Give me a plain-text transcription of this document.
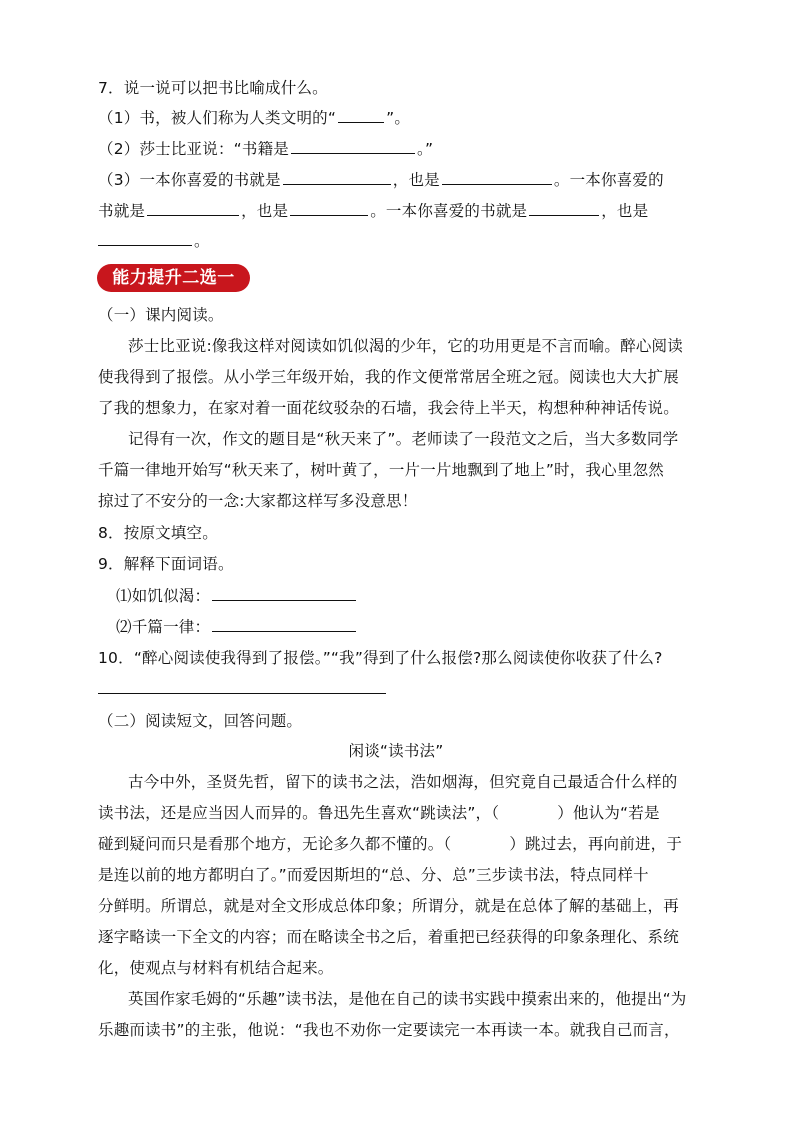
7．说一说可以把书比喻成什么。
（1）书，被人们称为人类文明的“	”。
（2）莎士比亚说：“书籍是	。”
（3）一本你喜爱的书就是	，也是	。一本你喜爱的
书就是	，也是	。一本你喜爱的书就是	，也是
。
能力提升二选一
（一）课内阅读。
莎士比亚说:像我这样对阅读如饥似渴的少年，它的功用更是不言而喻。醉心阅读
使我得到了报偿。从小学三年级开始，我的作文便常常居全班之冠。阅读也大大扩展
了我的想象力，在家对着一面花纹驳杂的石墙，我会待上半天，构想种种神话传说。
记得有一次，作文的题目是“秋天来了”。老师读了一段范文之后，当大多数同学
千篇一律地开始写“秋天来了，树叶黄了，一片一片地飘到了地上”时，我心里忽然
掠过了不安分的一念:大家都这样写多没意思！
8．按原文填空。
9．解释下面词语。
⑴如饥似渴：
⑵千篇一律：
10．“醉心阅读使我得到了报偿。”“我”得到了什么报偿?那么阅读使你收获了什么?
（二）阅读短文，回答问题。
闲谈“读书法”
古今中外，圣贤先哲，留下的读书之法，浩如烟海，但究竟自己最适合什么样的
读书法，还是应当因人而异的。鲁迅先生喜欢“跳读法”，（	）他认为“若是
碰到疑问而只是看那个地方，无论多久都不懂的。（	）跳过去，再向前进，于
是连以前的地方都明白了。”而爱因斯坦的“总、分、总”三步读书法，特点同样十
分鲜明。所谓总，就是对全文形成总体印象；所谓分，就是在总体了解的基础上，再
逐字略读一下全文的内容；而在略读全书之后，着重把已经获得的印象条理化、系统
化，使观点与材料有机结合起来。
英国作家毛姆的“乐趣”读书法，是他在自己的读书实践中摸索出来的，他提出“为
乐趣而读书”的主张，他说：“我也不劝你一定要读完一本再读一本。就我自己而言，
